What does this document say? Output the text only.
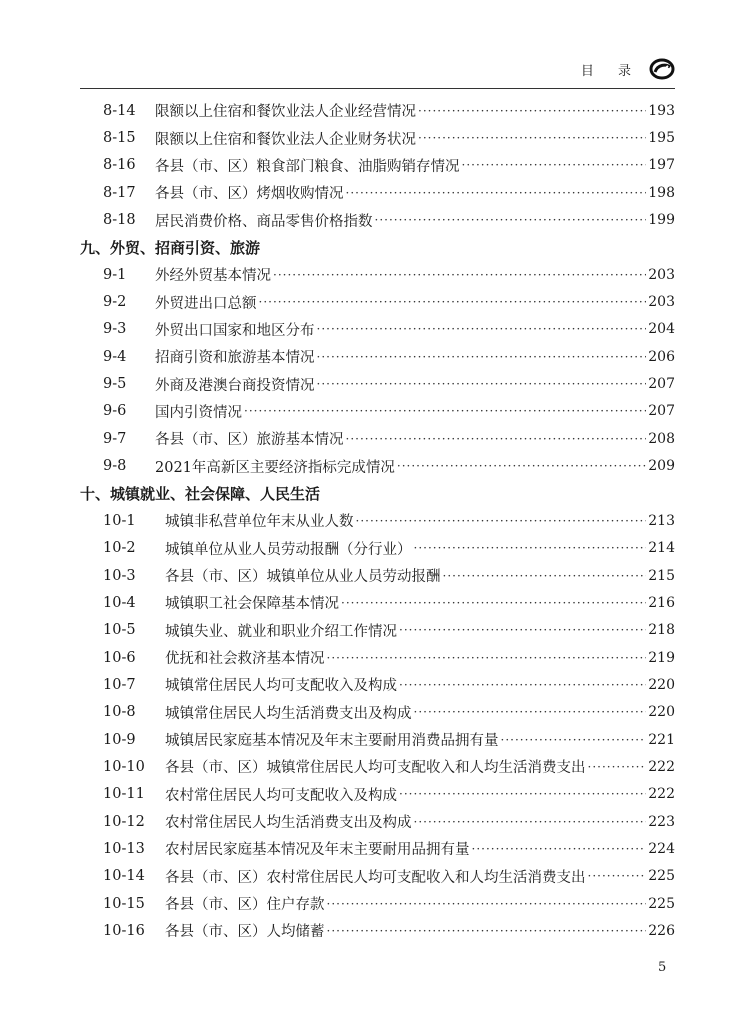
目 录
8-14	限额以上住宿和餐饮业法人企业经营情况 ·····	193
8-15	限额以上住宿和餐饮业法人企业财务状况 ·····	195
8-16	各县（市、区）粮食部门粮食、油脂购销存情况 ·····	197
8-17	各县（市、区）烤烟收购情况 ·····	198
8-18	居民消费价格、商品零售价格指数 ·····	199
九、外贸、招商引资、旅游
9-1	外经外贸基本情况 ·····	203
9-2	外贸进出口总额 ·····	203
9-3	外贸出口国家和地区分布 ·····	204
9-4	招商引资和旅游基本情况 ·····	206
9-5	外商及港澳台商投资情况 ·····	207
9-6	国内引资情况 ·····	207
9-7	各县（市、区）旅游基本情况 ·····	208
9-8	2021年高新区主要经济指标完成情况 ·····	209
十、城镇就业、社会保障、人民生活
10-1	城镇非私营单位年末从业人数 ·····	213
10-2	城镇单位从业人员劳动报酬（分行业） ·····	214
10-3	各县（市、区）城镇单位从业人员劳动报酬 ·····	215
10-4	城镇职工社会保障基本情况 ·····	216
10-5	城镇失业、就业和职业介绍工作情况 ·····	218
10-6	优抚和社会救济基本情况 ·····	219
10-7	城镇常住居民人均可支配收入及构成 ·····	220
10-8	城镇常住居民人均生活消费支出及构成 ·····	220
10-9	城镇居民家庭基本情况及年末主要耐用消费品拥有量 ·····	221
10-10	各县（市、区）城镇常住居民人均可支配收入和人均生活消费支出 ·····	222
10-11	农村常住居民人均可支配收入及构成 ·····	222
10-12	农村常住居民人均生活消费支出及构成 ·····	223
10-13	农村居民家庭基本情况及年末主要耐用品拥有量 ·····	224
10-14	各县（市、区）农村常住居民人均可支配收入和人均生活消费支出 ·····	225
10-15	各县（市、区）住户存款 ·····	225
10-16	各县（市、区）人均储蓄 ·····	226
5
